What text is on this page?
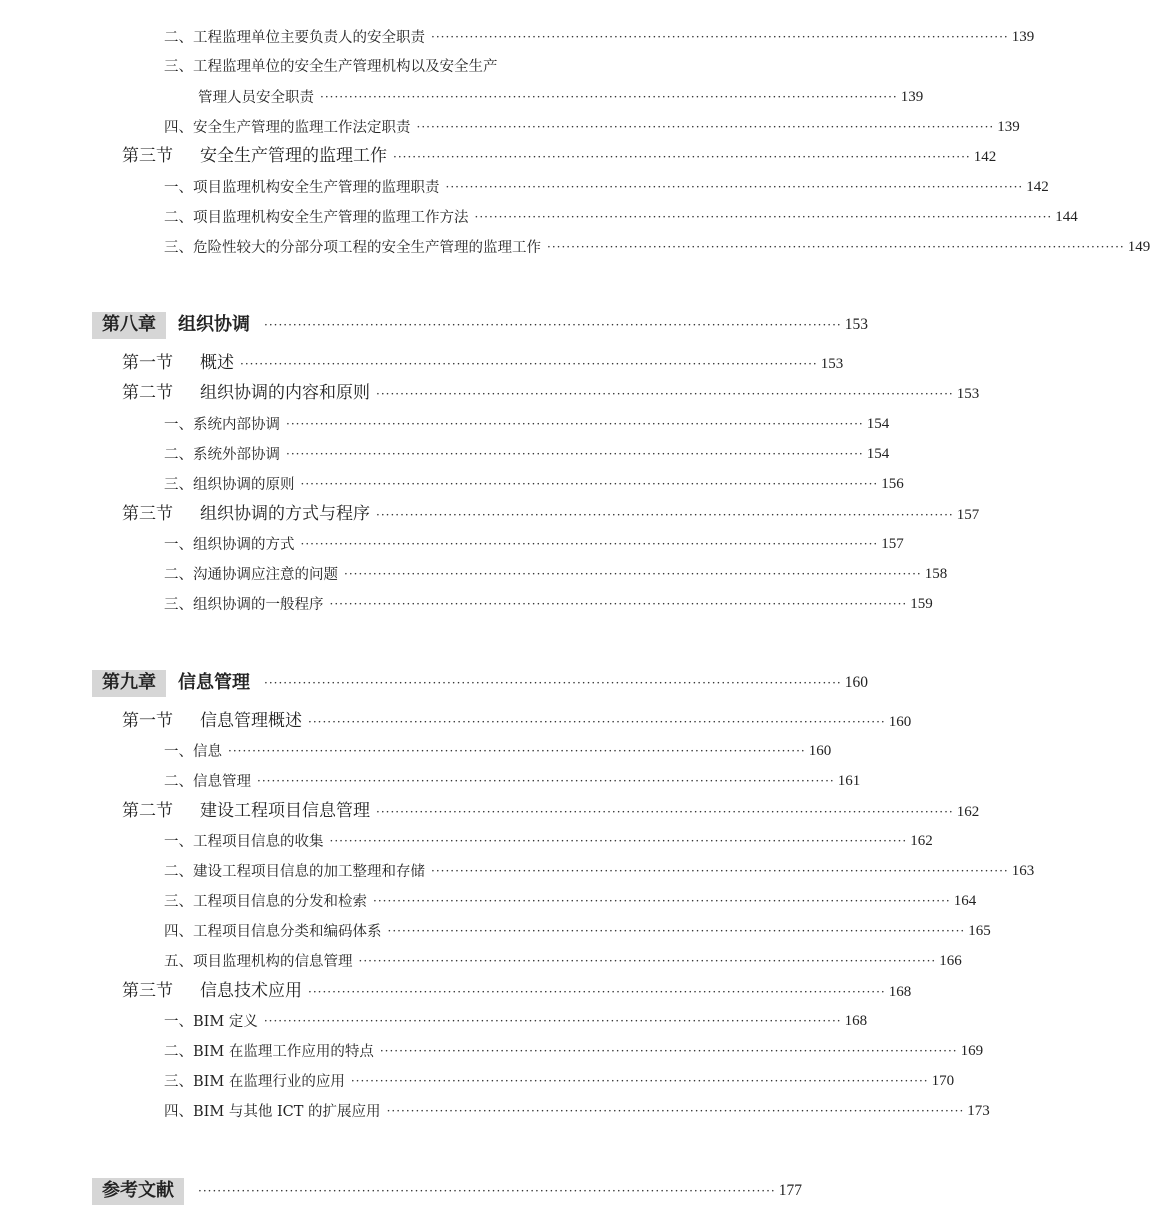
二、工程监理单位主要负责人的安全职责 ························································································································ 139
三、工程监理单位的安全生产管理机构以及安全生产
管理人员安全职责 ························································································································ 139
四、安全生产管理的监理工作法定职责 ························································································································ 139
第三节 安全生产管理的监理工作 ························································································································ 142
一、项目监理机构安全生产管理的监理职责 ························································································································ 142
二、项目监理机构安全生产管理的监理工作方法 ························································································································ 144
三、危险性较大的分部分项工程的安全生产管理的监理工作 ························································································································ 149
第八章	组织协调 ························································································································ 153
第一节 概述 ························································································································ 153
第二节 组织协调的内容和原则 ························································································································ 153
一、系统内部协调 ························································································································ 154
二、系统外部协调 ························································································································ 154
三、组织协调的原则 ························································································································ 156
第三节 组织协调的方式与程序 ························································································································ 157
一、组织协调的方式 ························································································································ 157
二、沟通协调应注意的问题 ························································································································ 158
三、组织协调的一般程序 ························································································································ 159
第九章	信息管理 ························································································································ 160
第一节 信息管理概述 ························································································································ 160
一、信息 ························································································································ 160
二、信息管理 ························································································································ 161
第二节 建设工程项目信息管理 ························································································································ 162
一、工程项目信息的收集 ························································································································ 162
二、建设工程项目信息的加工整理和存储 ························································································································ 163
三、工程项目信息的分发和检索 ························································································································ 164
四、工程项目信息分类和编码体系 ························································································································ 165
五、项目监理机构的信息管理 ························································································································ 166
第三节 信息技术应用 ························································································································ 168
一、BIM 定义 ························································································································ 168
二、BIM 在监理工作应用的特点 ························································································································ 169
三、BIM 在监理行业的应用 ························································································································ 170
四、BIM 与其他 ICT 的扩展应用 ························································································································ 173
参考文献	························································································································ 177
